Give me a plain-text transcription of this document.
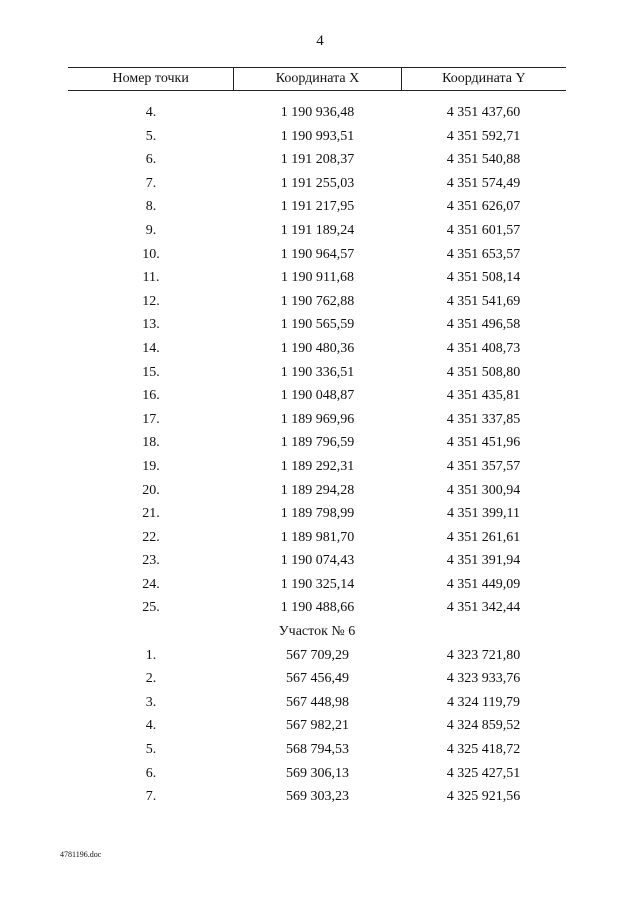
4
Номер точки	Координата X	Координата Y
4.	1 190 936,48	4 351 437,60
5.	1 190 993,51	4 351 592,71
6.	1 191 208,37	4 351 540,88
7.	1 191 255,03	4 351 574,49
8.	1 191 217,95	4 351 626,07
9.	1 191 189,24	4 351 601,57
10.	1 190 964,57	4 351 653,57
11.	1 190 911,68	4 351 508,14
12.	1 190 762,88	4 351 541,69
13.	1 190 565,59	4 351 496,58
14.	1 190 480,36	4 351 408,73
15.	1 190 336,51	4 351 508,80
16.	1 190 048,87	4 351 435,81
17.	1 189 969,96	4 351 337,85
18.	1 189 796,59	4 351 451,96
19.	1 189 292,31	4 351 357,57
20.	1 189 294,28	4 351 300,94
21.	1 189 798,99	4 351 399,11
22.	1 189 981,70	4 351 261,61
23.	1 190 074,43	4 351 391,94
24.	1 190 325,14	4 351 449,09
25.	1 190 488,66	4 351 342,44
Участок № 6
1.	567 709,29	4 323 721,80
2.	567 456,49	4 323 933,76
3.	567 448,98	4 324 119,79
4.	567 982,21	4 324 859,52
5.	568 794,53	4 325 418,72
6.	569 306,13	4 325 427,51
7.	569 303,23	4 325 921,56
4781196.doc
